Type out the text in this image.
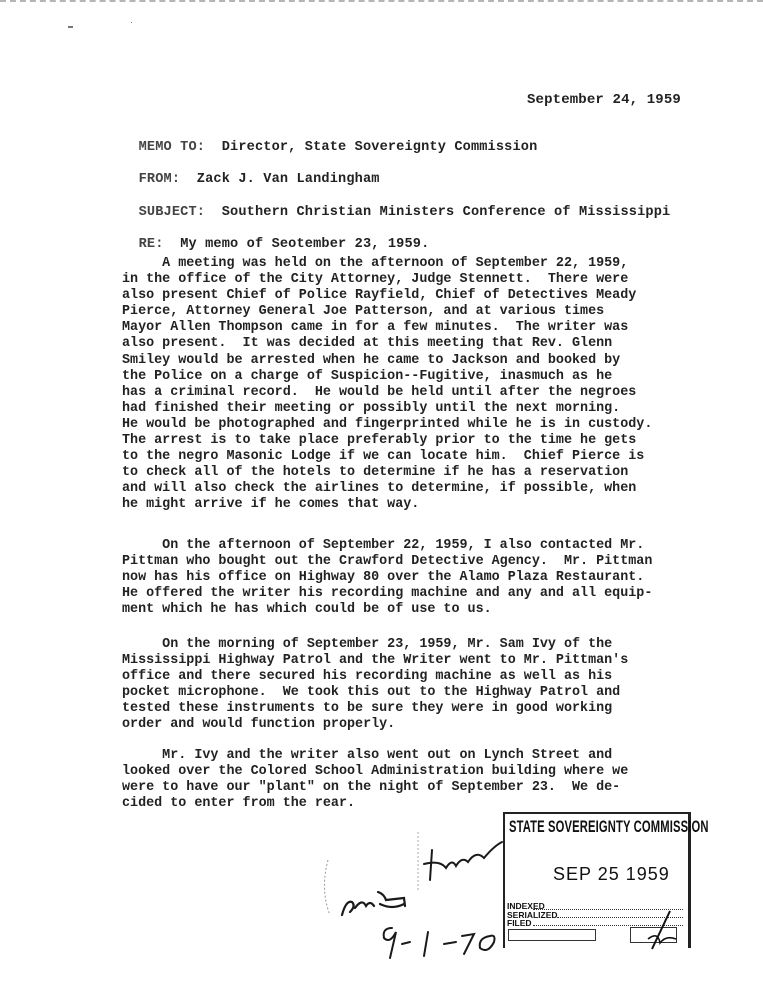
September 24, 1959

MEMO TO: Director, State Sovereignty Commission

FROM: Zack J. Van Landingham

SUBJECT: Southern Christian Ministers Conference of Mississippi

RE: My memo of Seotember 23, 1959.

A meeting was held on the afternoon of September 22, 1959,
in the office of the City Attorney, Judge Stennett.  There were
also present Chief of Police Rayfield, Chief of Detectives Meady
Pierce, Attorney General Joe Patterson, and at various times
Mayor Allen Thompson came in for a few minutes.  The writer was
also present.  It was decided at this meeting that Rev. Glenn
Smiley would be arrested when he came to Jackson and booked by
the Police on a charge of Suspicion--Fugitive, inasmuch as he
has a criminal record.  He would be held until after the negroes
had finished their meeting or possibly until the next morning.
He would be photographed and fingerprinted while he is in custody.
The arrest is to take place preferably prior to the time he gets
to the negro Masonic Lodge if we can locate him.  Chief Pierce is
to check all of the hotels to determine if he has a reservation
and will also check the airlines to determine, if possible, when
he might arrive if he comes that way.
On the afternoon of September 22, 1959, I also contacted Mr.
Pittman who bought out the Crawford Detective Agency.  Mr. Pittman
now has his office on Highway 80 over the Alamo Plaza Restaurant.
He offered the writer his recording machine and any and all equip-
ment which he has which could be of use to us.
On the morning of September 23, 1959, Mr. Sam Ivy of the
Mississippi Highway Patrol and the Writer went to Mr. Pittman's
office and there secured his recording machine as well as his
pocket microphone.  We took this out to the Highway Patrol and
tested these instruments to be sure they were in good working
order and would function properly.
Mr. Ivy and the writer also went out on Lynch Street and
looked over the Colored School Administration building where we
were to have our "plant" on the night of September 23.  We de-
cided to enter from the rear.
STATE SOVEREIGNTY COMMISSION
SEP 25 1959
INDEXED
SERIALIZED
FILED
